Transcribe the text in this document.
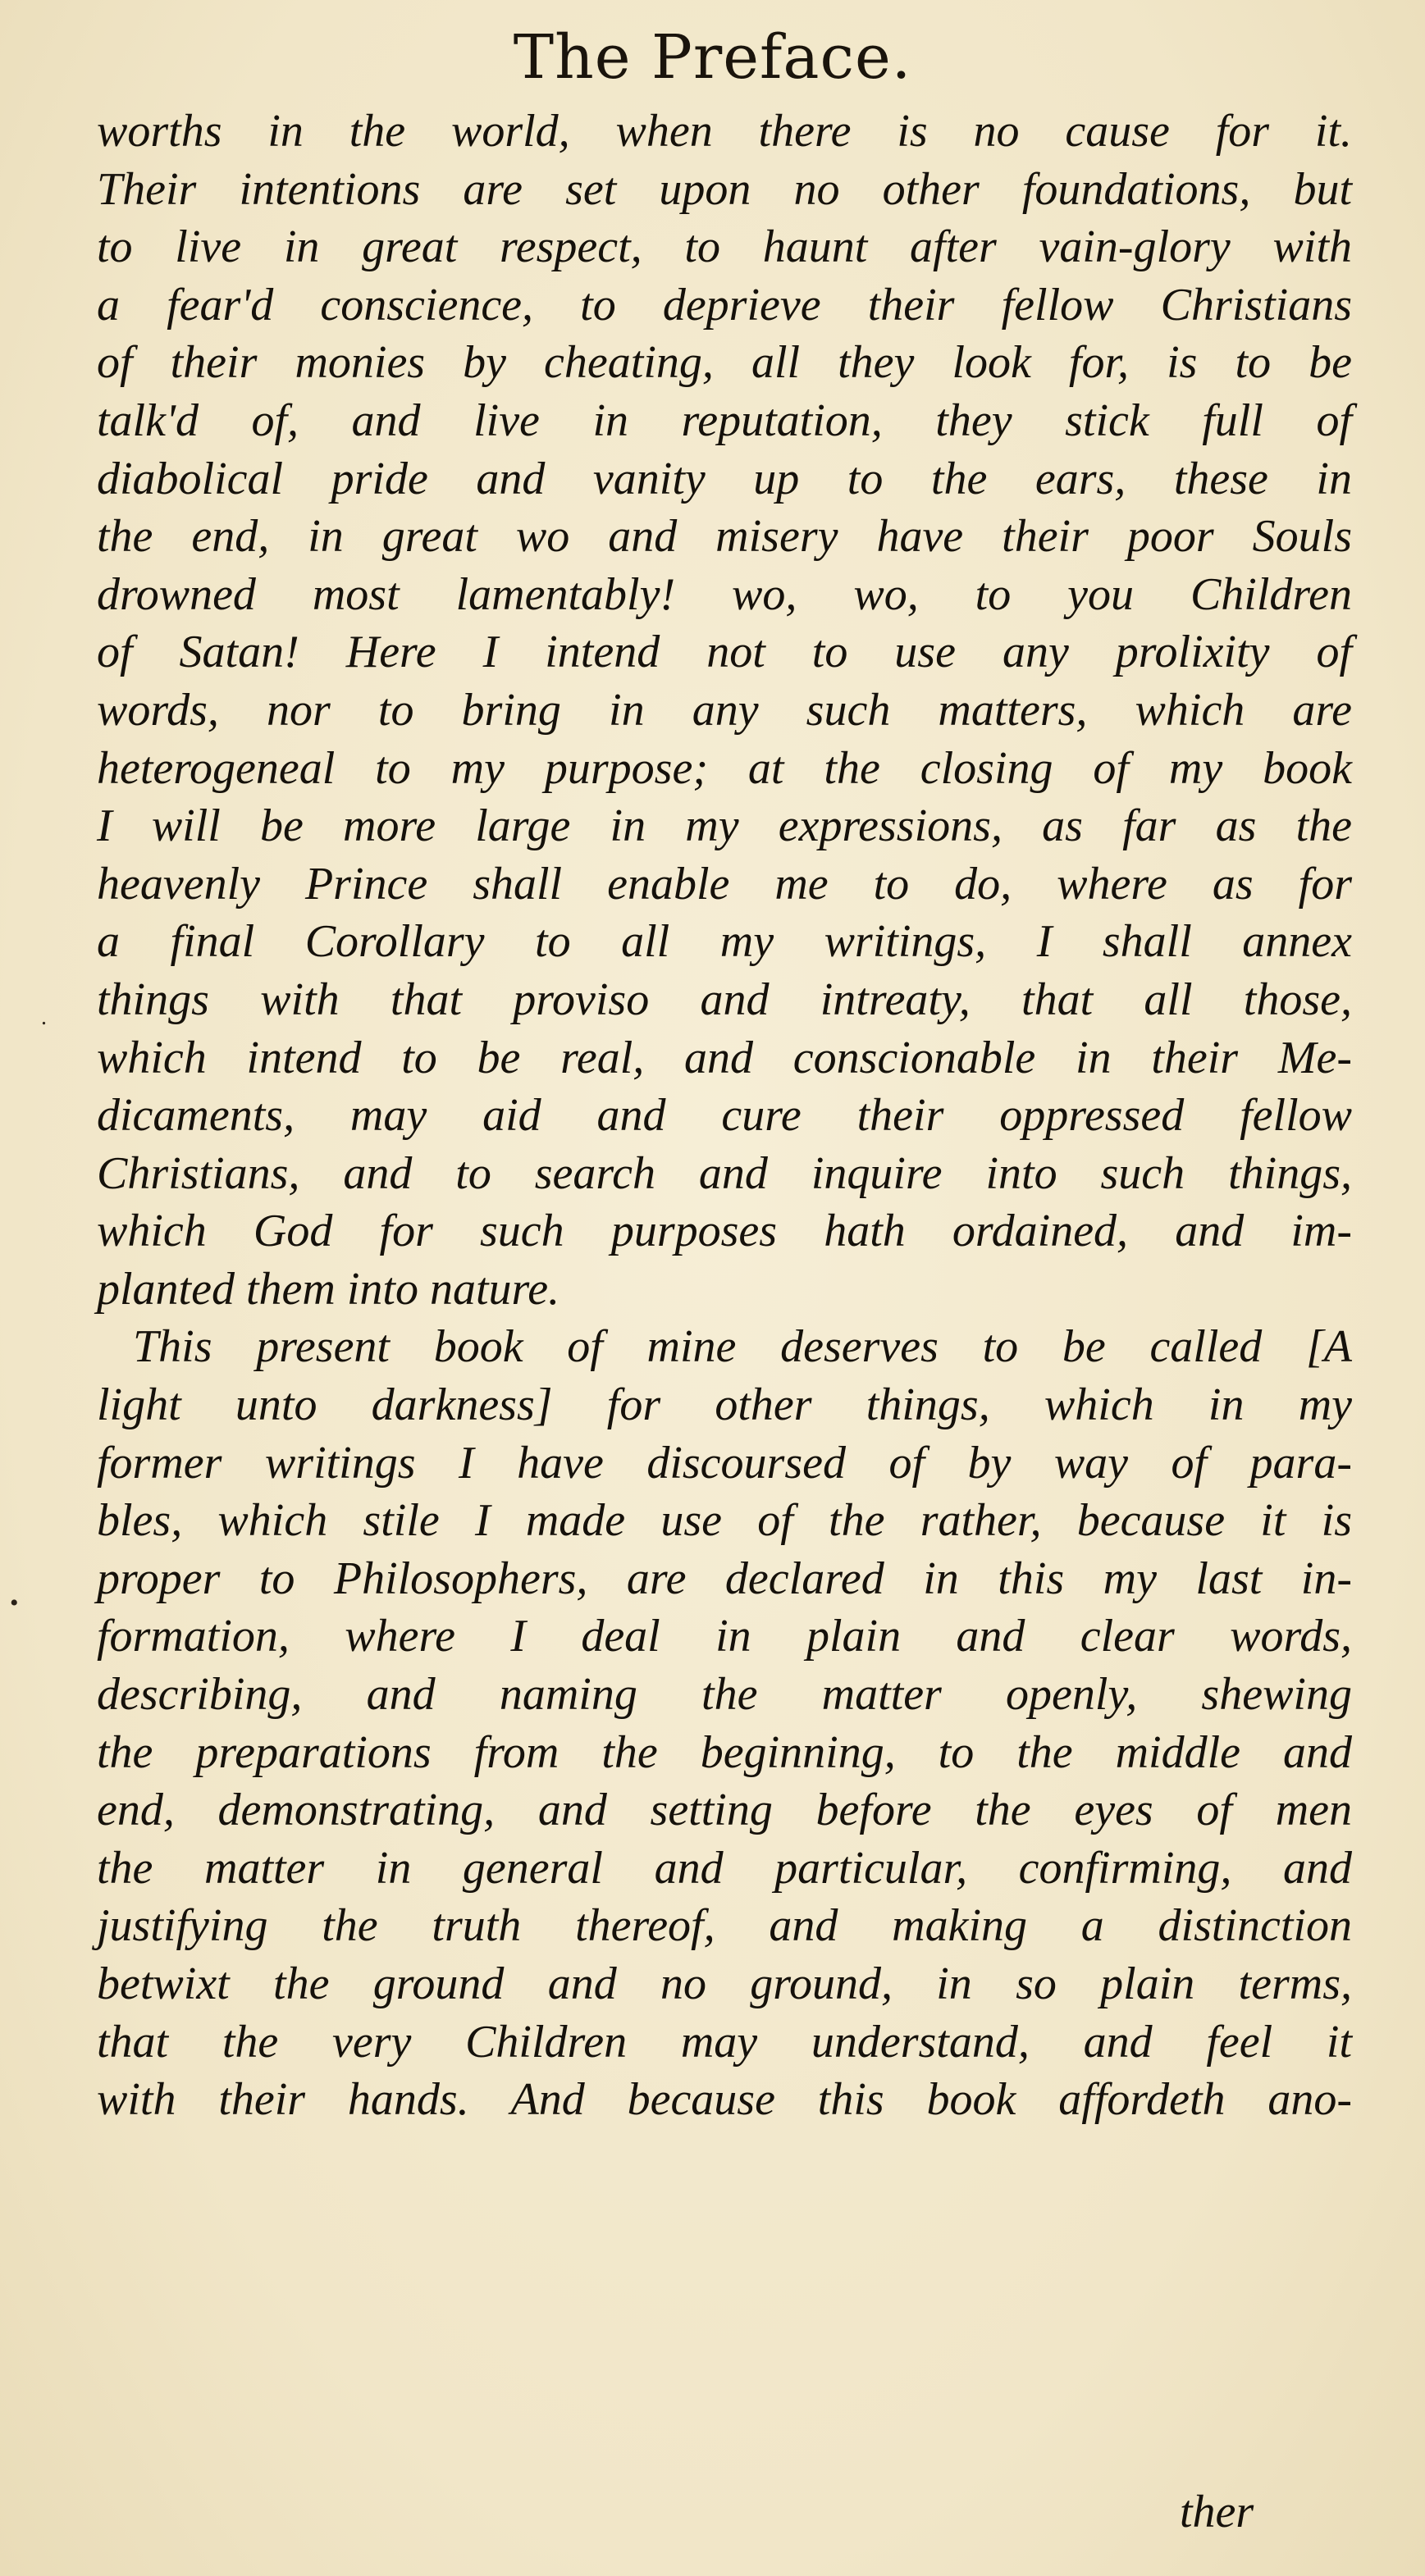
The Preface.
worths in the world, when there is no cause for it.
Their intentions are set upon no other foundations, but
to live in great respect, to haunt after vain-glory with
a fear'd conscience, to deprieve their fellow Christians
of their monies by cheating, all they look for, is to be
talk'd of, and live in reputation, they stick full of
diabolical pride and vanity up to the ears, these in
the end, in great wo and misery have their poor Souls
drowned most lamentably! wo, wo, to you Children
of Satan! Here I intend not to use any prolixity of
words, nor to bring in any such matters, which are
heterogeneal to my purpose; at the closing of my book
I will be more large in my expressions, as far as the
heavenly Prince shall enable me to do, where as for
a final Corollary to all my writings, I shall annex
things with that proviso and intreaty, that all those,
which intend to be real, and conscionable in their Me-
dicaments, may aid and cure their oppressed fellow
Christians, and to search and inquire into such things,
which God for such purposes hath ordained, and im-
planted them into nature.
This present book of mine deserves to be called [A
light unto darkness] for other things, which in my
former writings I have discoursed of by way of para-
bles, which stile I made use of the rather, because it is
proper to Philosophers, are declared in this my last in-
formation, where I deal in plain and clear words,
describing, and naming the matter openly, shewing
the preparations from the beginning, to the middle and
end, demonstrating, and setting before the eyes of men
the matter in general and particular, confirming, and
justifying the truth thereof, and making a distinction
betwixt the ground and no ground, in so plain terms,
that the very Children may understand, and feel it
with their hands. And because this book affordeth ano-
ther
•
.
